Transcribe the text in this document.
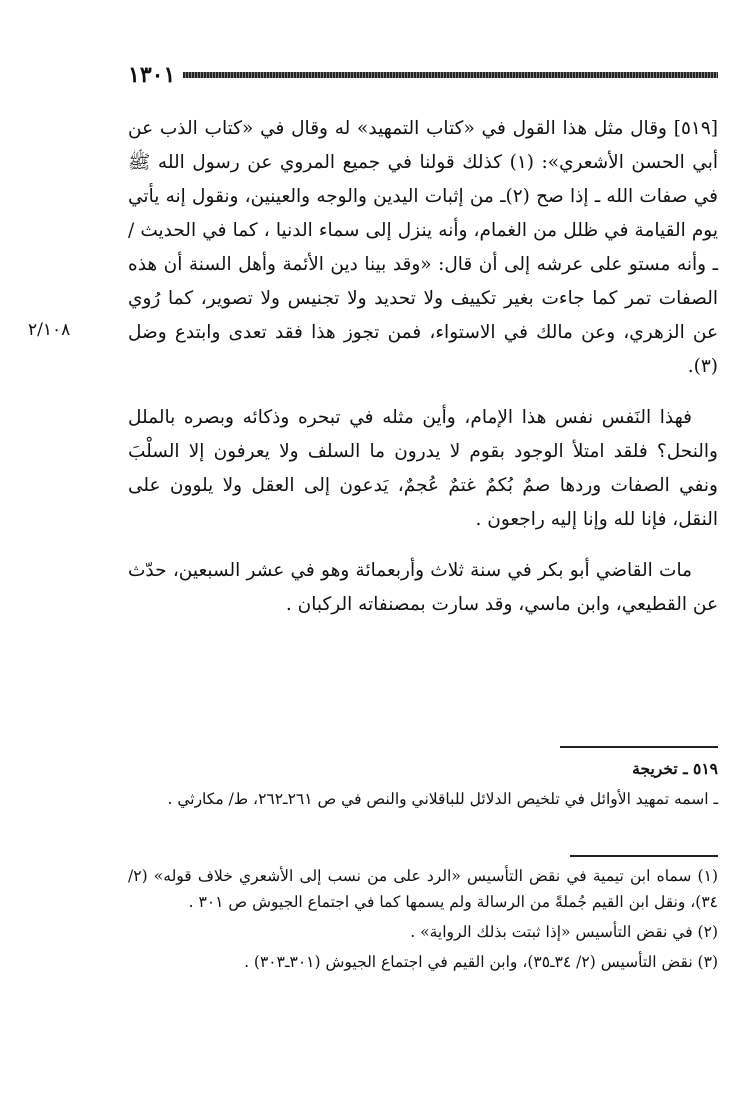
١٣٠١
٢/١٠٨

[٥١٩] وقال مثل هذا القول في «كتاب التمهيد» له وقال في «كتاب الذب عن أبي الحسن الأشعري»: (١) كذلك قولنا في جميع المروي عن رسول الله ﷺ في صفات الله ـ إذا صح (٢)ـ من إثبات اليدين والوجه والعينين، ونقول إنه يأتي يوم القيامة في ظلل من الغمام، وأنه ينزل إلى سماء الدنيا ، كما في الحديث / ـ وأنه مستو على عرشه إلى أن قال: «وقد بينا دين الأئمة وأهل السنة أن هذه الصفات تمر كما جاءت بغير تكييف ولا تحديد ولا تجنيس ولا تصوير، كما رُوي عن الزهري، وعن مالك في الاستواء، فمن تجوز هذا فقد تعدى وابتدع وضل (٣).

فهذا النَفس نفس هذا الإمام، وأين مثله في تبحره وذكائه وبصره بالملل والنحل؟ فلقد امتلأ الوجود بقوم لا يدرون ما السلف ولا يعرفون إلا السلْبَ ونفي الصفات وردها صمٌ بُكمٌ غتمٌ عُجمٌ، يَدعون إلى العقل ولا يلوون على النقل، فإنا لله وإنا إليه راجعون .

مات القاضي أبو بكر في سنة ثلاث وأربعمائة وهو في عشر السبعين، حدّث عن القطيعي، وابن ماسي، وقد سارت بمصنفاته الركبان .

٥١٩ ـ تخريجة

ـ اسمه تمهيد الأوائل في تلخيص الدلائل للباقلاني والنص في ص ٢٦١ـ٢٦٢، ط/ مكارثي .

(١) سماه ابن تيمية في نقض التأسيس «الرد على من نسب إلى الأشعري خلاف قوله» (٢/ ٣٤)، ونقل ابن القيم جُملةً من الرسالة ولم يسمها كما في اجتماع الجيوش ص ٣٠١ .

(٢) في نقض التأسيس «إذا ثبتت بذلك الرواية» .

(٣) نقض التأسيس (٢/ ٣٤ـ٣٥)، وابن القيم في اجتماع الجيوش (٣٠١ـ٣٠٣) .
